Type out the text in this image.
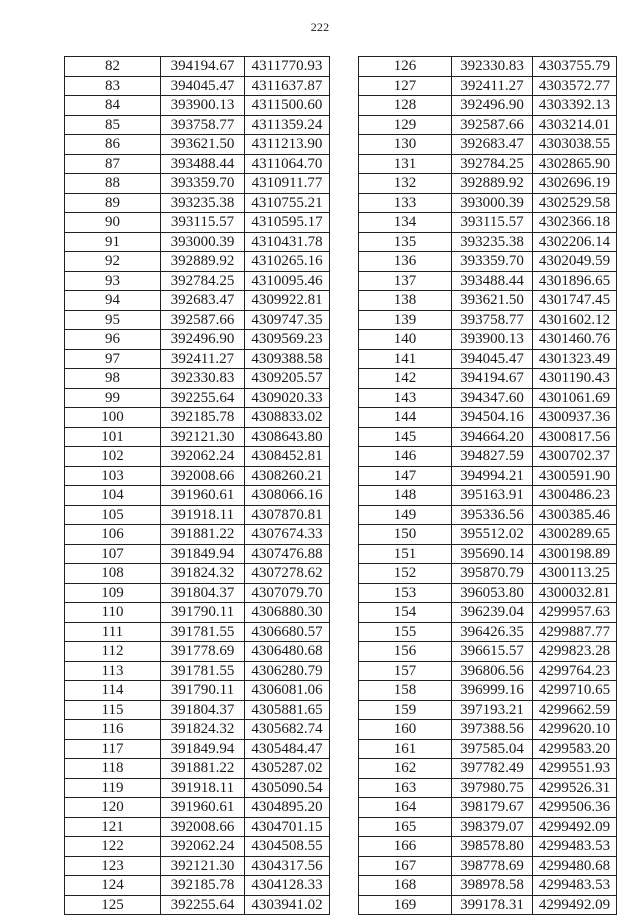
222
82	394194.67	4311770.93
83	394045.47	4311637.87
84	393900.13	4311500.60
85	393758.77	4311359.24
86	393621.50	4311213.90
87	393488.44	4311064.70
88	393359.70	4310911.77
89	393235.38	4310755.21
90	393115.57	4310595.17
91	393000.39	4310431.78
92	392889.92	4310265.16
93	392784.25	4310095.46
94	392683.47	4309922.81
95	392587.66	4309747.35
96	392496.90	4309569.23
97	392411.27	4309388.58
98	392330.83	4309205.57
99	392255.64	4309020.33
100	392185.78	4308833.02
101	392121.30	4308643.80
102	392062.24	4308452.81
103	392008.66	4308260.21
104	391960.61	4308066.16
105	391918.11	4307870.81
106	391881.22	4307674.33
107	391849.94	4307476.88
108	391824.32	4307278.62
109	391804.37	4307079.70
110	391790.11	4306880.30
111	391781.55	4306680.57
112	391778.69	4306480.68
113	391781.55	4306280.79
114	391790.11	4306081.06
115	391804.37	4305881.65
116	391824.32	4305682.74
117	391849.94	4305484.47
118	391881.22	4305287.02
119	391918.11	4305090.54
120	391960.61	4304895.20
121	392008.66	4304701.15
122	392062.24	4304508.55
123	392121.30	4304317.56
124	392185.78	4304128.33
125	392255.64	4303941.02
126	392330.83	4303755.79
127	392411.27	4303572.77
128	392496.90	4303392.13
129	392587.66	4303214.01
130	392683.47	4303038.55
131	392784.25	4302865.90
132	392889.92	4302696.19
133	393000.39	4302529.58
134	393115.57	4302366.18
135	393235.38	4302206.14
136	393359.70	4302049.59
137	393488.44	4301896.65
138	393621.50	4301747.45
139	393758.77	4301602.12
140	393900.13	4301460.76
141	394045.47	4301323.49
142	394194.67	4301190.43
143	394347.60	4301061.69
144	394504.16	4300937.36
145	394664.20	4300817.56
146	394827.59	4300702.37
147	394994.21	4300591.90
148	395163.91	4300486.23
149	395336.56	4300385.46
150	395512.02	4300289.65
151	395690.14	4300198.89
152	395870.79	4300113.25
153	396053.80	4300032.81
154	396239.04	4299957.63
155	396426.35	4299887.77
156	396615.57	4299823.28
157	396806.56	4299764.23
158	396999.16	4299710.65
159	397193.21	4299662.59
160	397388.56	4299620.10
161	397585.04	4299583.20
162	397782.49	4299551.93
163	397980.75	4299526.31
164	398179.67	4299506.36
165	398379.07	4299492.09
166	398578.80	4299483.53
167	398778.69	4299480.68
168	398978.58	4299483.53
169	399178.31	4299492.09
